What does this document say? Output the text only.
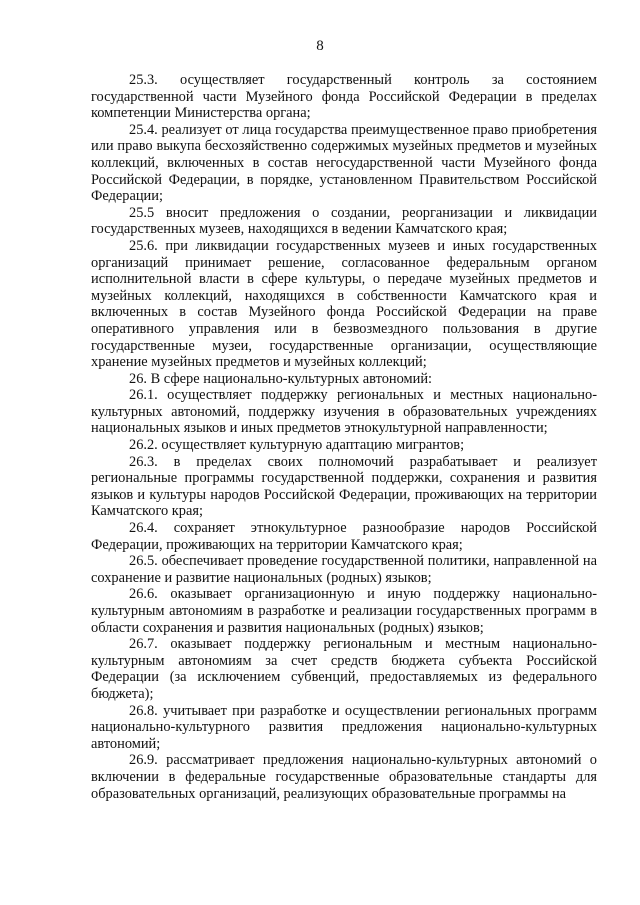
8

25.3. осуществляет государственный контроль за состоянием государственной части Музейного фонда Российской Федерации в пределах компетенции Министерства органа;

25.4. реализует от лица государства преимущественное право приобретения или право выкупа бесхозяйственно содержимых музейных предметов и музейных коллекций, включенных в состав негосударственной части Музейного фонда Российской Федерации, в порядке, установленном Правительством Российской Федерации;

25.5 вносит предложения о создании, реорганизации и ликвидации государственных музеев, находящихся в ведении Камчатского края;

25.6. при ликвидации государственных музеев и иных государственных организаций принимает решение, согласованное федеральным органом исполнительной власти в сфере культуры, о передаче музейных предметов и музейных коллекций, находящихся в собственности Камчатского края и включенных в состав Музейного фонда Российской Федерации на праве оперативного управления или в безвозмездного пользования в другие государственные музеи, государственные организации, осуществляющие хранение музейных предметов и музейных коллекций;

26. В сфере национально-культурных автономий:

26.1. осуществляет поддержку региональных и местных национально-культурных автономий, поддержку изучения в образовательных учреждениях национальных языков и иных предметов этнокультурной направленности;

26.2. осуществляет культурную адаптацию мигрантов;

26.3. в пределах своих полномочий разрабатывает и реализует региональные программы государственной поддержки, сохранения и развития языков и культуры народов Российской Федерации, проживающих на территории Камчатского края;

26.4. сохраняет этнокультурное разнообразие народов Российской Федерации, проживающих на территории Камчатского края;

26.5. обеспечивает проведение государственной политики, направленной на сохранение и развитие национальных (родных) языков;

26.6. оказывает организационную и иную поддержку национально-культурным автономиям в разработке и реализации государственных программ в области сохранения и развития национальных (родных) языков;

26.7. оказывает поддержку региональным и местным национально-культурным автономиям за счет средств бюджета субъекта Российской Федерации (за исключением субвенций, предоставляемых из федерального бюджета);

26.8. учитывает при разработке и осуществлении региональных программ национально-культурного развития предложения национально-культурных автономий;

26.9. рассматривает предложения национально-культурных автономий о включении в федеральные государственные образовательные стандарты для образовательных организаций, реализующих образовательные программы на
